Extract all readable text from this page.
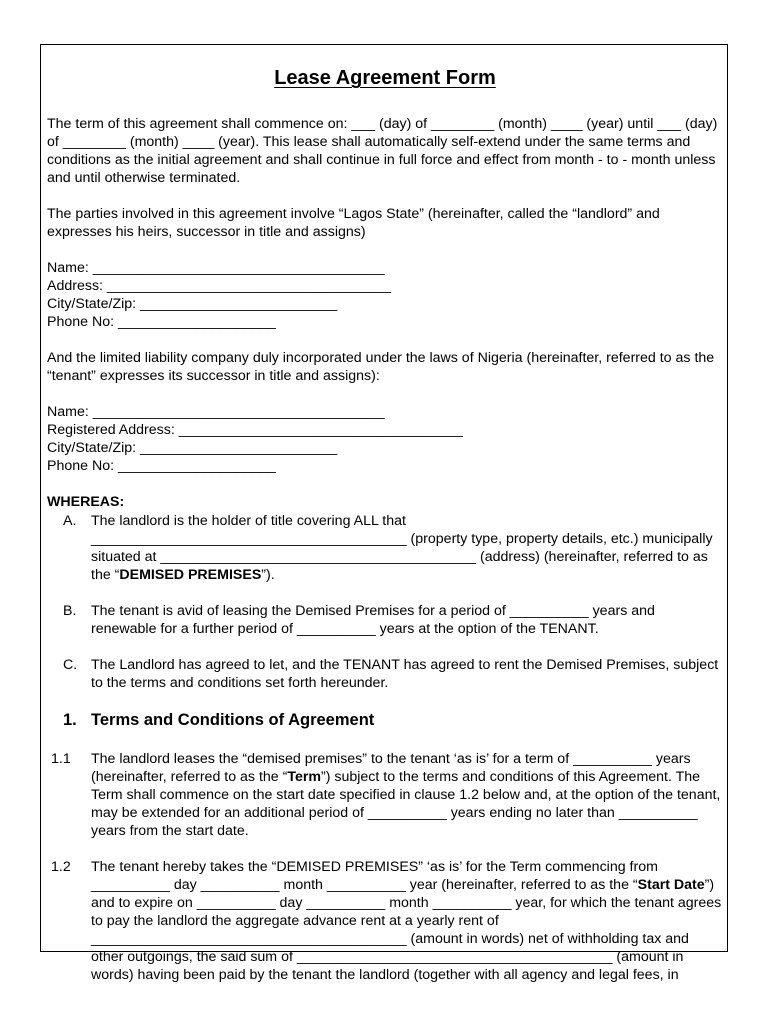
Lease Agreement Form

The term of this agreement shall commence on: ___ (day) of ________ (month) ____ (year) until ___ (day) of ________ (month) ____ (year). This lease shall automatically self-extend under the same terms and conditions as the initial agreement and shall continue in full force and effect from month - to - month unless and until otherwise terminated.

The parties involved in this agreement involve “Lagos State” (hereinafter, called the “landlord” and expresses his heirs, successor in title and assigns)

Name: _____________________________________
Address: ____________________________________
City/State/Zip: _________________________
Phone No: ____________________

And the limited liability company duly incorporated under the laws of Nigeria (hereinafter, referred to as the “tenant” expresses its successor in title and assigns):

Name: _____________________________________
Registered Address: ____________________________________
City/State/Zip: _________________________
Phone No: ____________________
WHEREAS:
A.	The landlord is the holder of title covering ALL that ________________________________________ (property type, property details, etc.) municipally situated at ________________________________________ (address) (hereinafter, referred to as the “DEMISED PREMISES”).
B.	The tenant is avid of leasing the Demised Premises for a period of __________ years and renewable for a further period of __________ years at the option of the TENANT.
C. The Landlord has agreed to let, and the TENANT has agreed to rent the Demised Premises, subject to the terms and conditions set forth hereunder.
1. Terms and Conditions of Agreement
1.1	The landlord leases the “demised premises” to the tenant ‘as is’ for a term of __________ years (hereinafter, referred to as the “Term”) subject to the terms and conditions of this Agreement. The Term shall commence on the start date specified in clause 1.2 below and, at the option of the tenant, may be extended for an additional period of __________ years ending no later than __________ years from the start date.
1.2	The tenant hereby takes the “DEMISED PREMISES” ‘as is’ for the Term commencing from __________ day __________ month __________ year (hereinafter, referred to as the “Start Date”) and to expire on __________ day __________ month __________ year, for which the tenant agrees to pay the landlord the aggregate advance rent at a yearly rent of ________________________________________ (amount in words) net of withholding tax and other outgoings, the said sum of ________________________________________ (amount in words) having been paid by the tenant the landlord (together with all agency and legal fees, in
